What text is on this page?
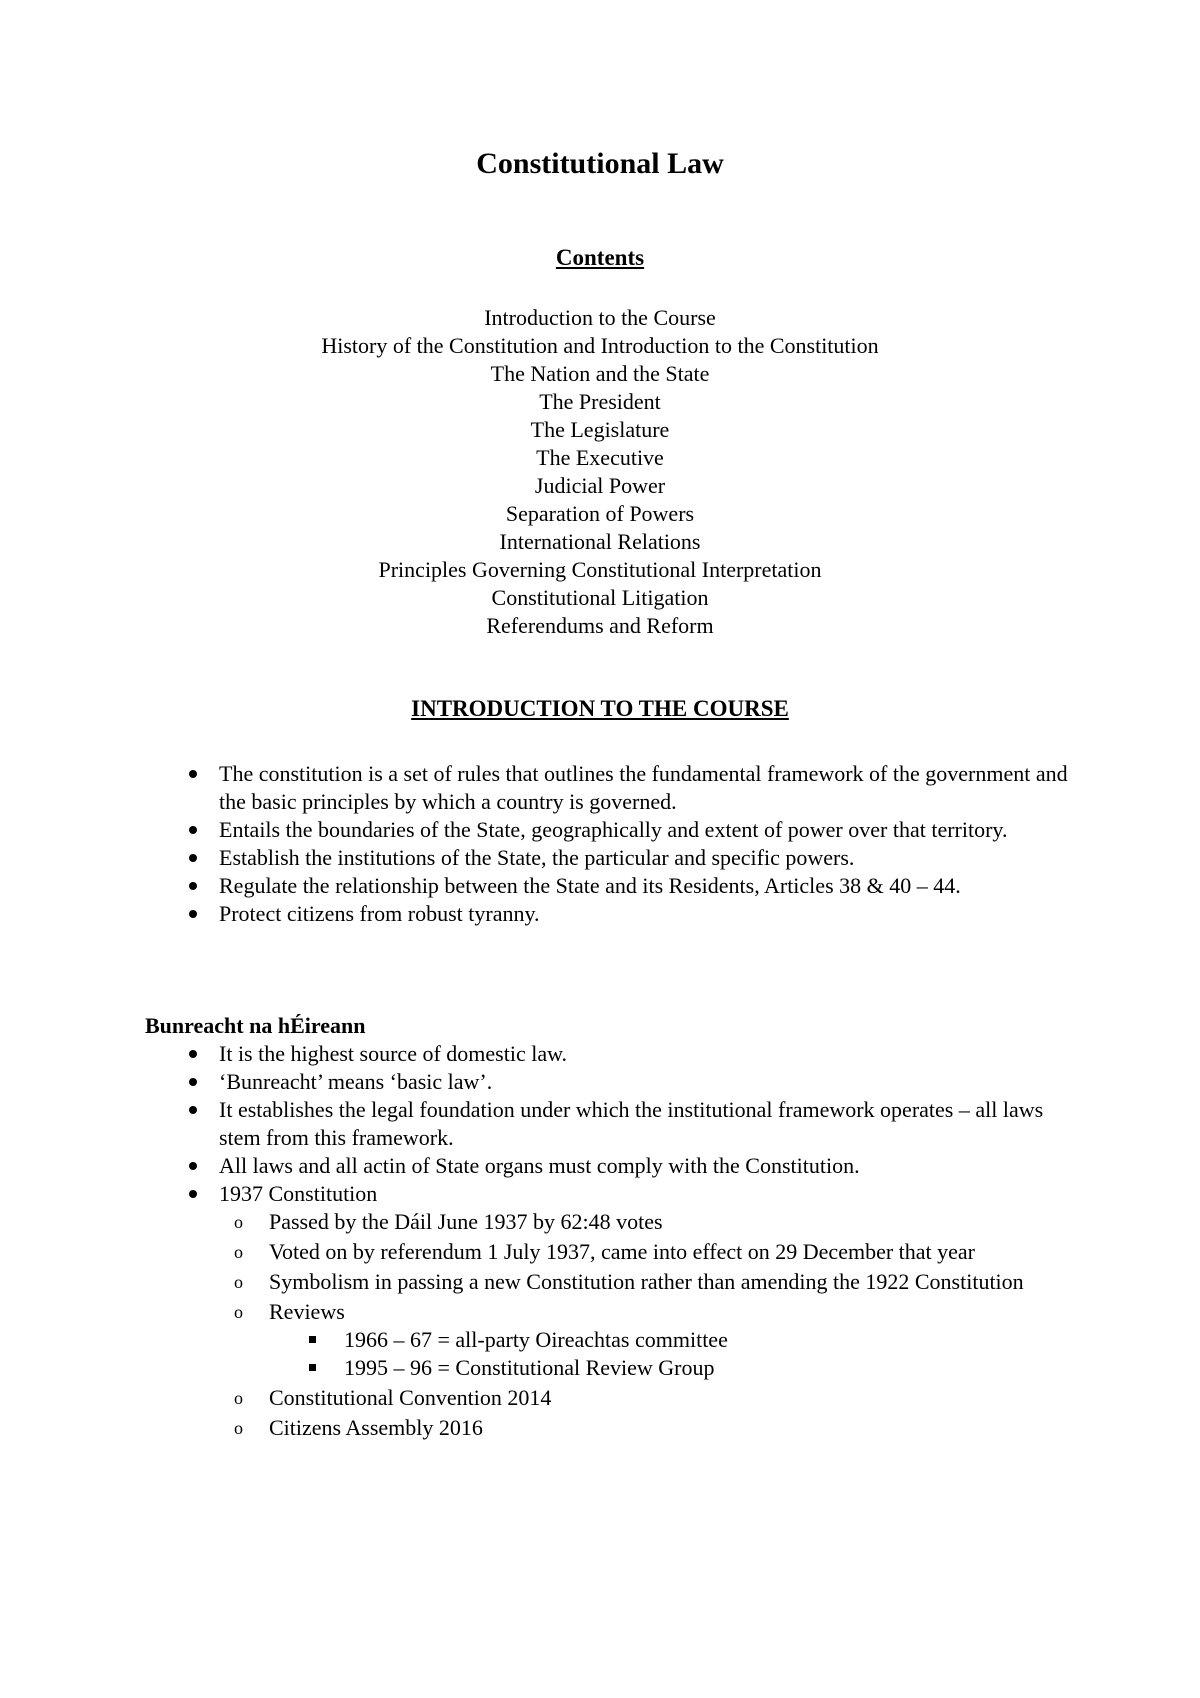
Constitutional Law
Contents
Introduction to the Course
History of the Constitution and Introduction to the Constitution
The Nation and the State
The President
The Legislature
The Executive
Judicial Power
Separation of Powers
International Relations
Principles Governing Constitutional Interpretation
Constitutional Litigation
Referendums and Reform
INTRODUCTION TO THE COURSE
The constitution is a set of rules that outlines the fundamental framework of the government and the basic principles by which a country is governed.
Entails the boundaries of the State, geographically and extent of power over that territory.
Establish the institutions of the State, the particular and specific powers.
Regulate the relationship between the State and its Residents, Articles 38 & 40 – 44.
Protect citizens from robust tyranny.
Bunreacht na hÉireann
It is the highest source of domestic law.
‘Bunreacht’ means ‘basic law’.
It establishes the legal foundation under which the institutional framework operates – all laws stem from this framework.
All laws and all actin of State organs must comply with the Constitution.
1937 Constitution
o Passed by the Dáil June 1937 by 62:48 votes
o Voted on by referendum 1 July 1937, came into effect on 29 December that year
o Symbolism in passing a new Constitution rather than amending the 1922 Constitution
o Reviews
1966 – 67 = all-party Oireachtas committee
1995 – 96 = Constitutional Review Group
o Constitutional Convention 2014
o Citizens Assembly 2016
